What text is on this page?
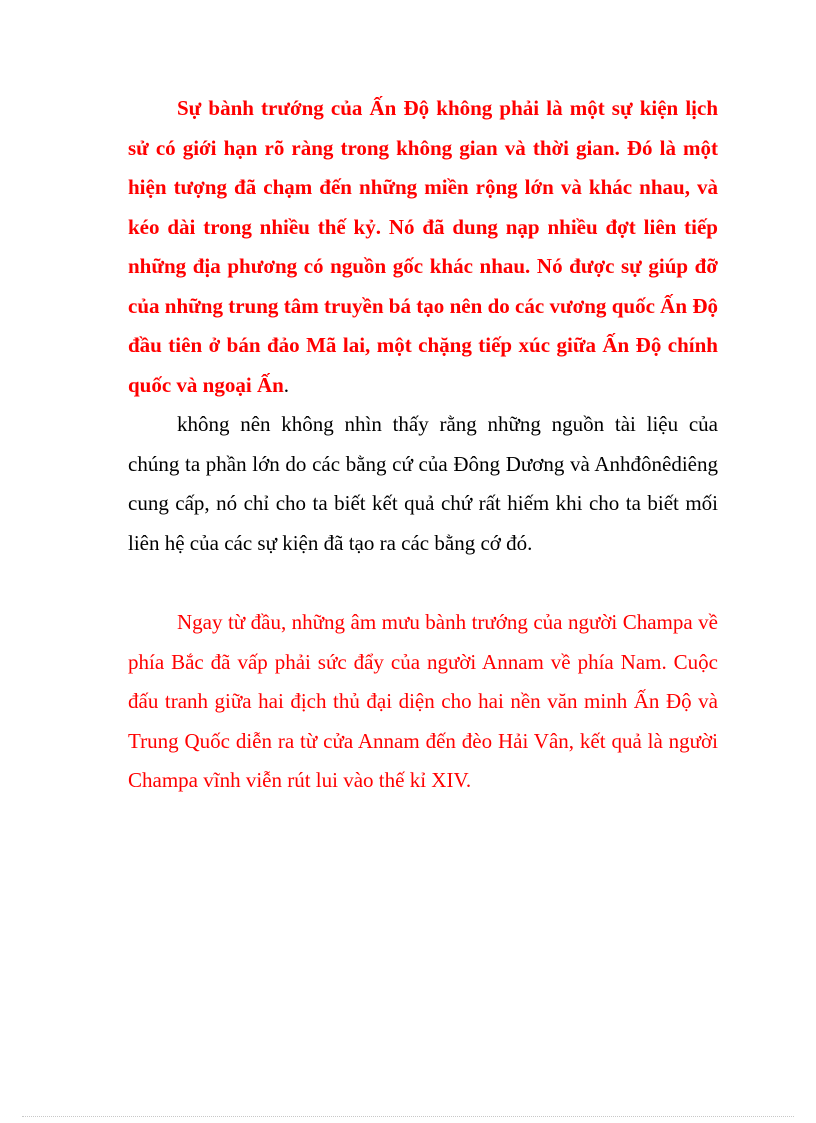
Sự bành trướng của Ấn Độ không phải là một sự kiện lịch sử có giới hạn rõ ràng trong không gian và thời gian. Đó là một hiện tượng đã chạm đến những miền rộng lớn và khác nhau, và kéo dài trong nhiều thế kỷ. Nó đã dung nạp nhiều đợt liên tiếp những địa phương có nguồn gốc khác nhau. Nó được sự giúp đỡ của những trung tâm truyền bá tạo nên do các vương quốc Ấn Độ đầu tiên ở bán đảo Mã lai, một chặng tiếp xúc giữa Ấn Độ chính quốc và ngoại Ấn.

không nên không nhìn thấy rằng những nguồn tài liệu của chúng ta phần lớn do các bằng cứ của Đông Dương và Anhđônêdiêng cung cấp, nó chỉ cho ta biết kết quả chứ rất hiếm khi cho ta biết mối liên hệ của các sự kiện đã tạo ra các bằng cớ đó.

Ngay từ đầu, những âm mưu bành trướng của người Champa về phía Bắc đã vấp phải sức đẩy của người Annam về phía Nam. Cuộc đấu tranh giữa hai địch thủ đại diện cho hai nền văn minh Ấn Độ và Trung Quốc diễn ra từ cửa Annam đến đèo Hải Vân, kết quả là người Champa vĩnh viễn rút lui vào thế kỉ XIV.
